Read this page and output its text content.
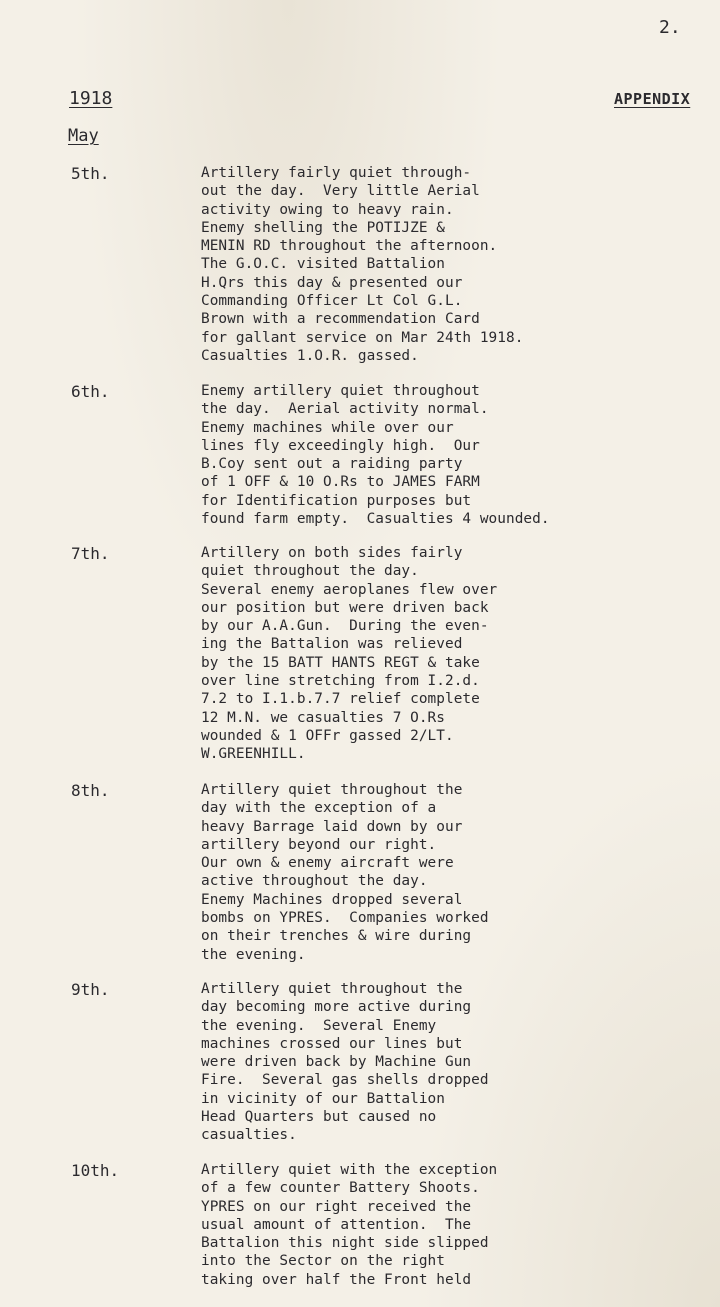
2.
1918	APPENDIX
May
5th.	Artillery fairly quiet through-
out the day.  Very little Aerial
activity owing to heavy rain.
Enemy shelling the POTIJZE &
MENIN RD throughout the afternoon.
The G.O.C. visited Battalion
H.Qrs this day & presented our
Commanding Officer Lt Col G.L.
Brown with a recommendation Card
for gallant service on Mar 24th 1918.
Casualties 1.O.R. gassed.
6th.	Enemy artillery quiet throughout
the day.  Aerial activity normal.
Enemy machines while over our
lines fly exceedingly high.  Our
B.Coy sent out a raiding party
of 1 OFF & 10 O.Rs to JAMES FARM
for Identification purposes but
found farm empty.  Casualties 4 wounded.
7th.	Artillery on both sides fairly
quiet throughout the day.
Several enemy aeroplanes flew over
our position but were driven back
by our A.A.Gun.  During the even-
ing the Battalion was relieved
by the 15 BATT HANTS REGT & take
over line stretching from I.2.d.
7.2 to I.1.b.7.7 relief complete
12 M.N. we casualties 7 O.Rs
wounded & 1 OFFr gassed 2/LT.
W.GREENHILL.
8th.	Artillery quiet throughout the
day with the exception of a
heavy Barrage laid down by our
artillery beyond our right.
Our own & enemy aircraft were
active throughout the day.
Enemy Machines dropped several
bombs on YPRES.  Companies worked
on their trenches & wire during
the evening.
9th.	Artillery quiet throughout the
day becoming more active during
the evening.  Several Enemy
machines crossed our lines but
were driven back by Machine Gun
Fire.  Several gas shells dropped
in vicinity of our Battalion
Head Quarters but caused no
casualties.
10th.	Artillery quiet with the exception
of a few counter Battery Shoots.
YPRES on our right received the
usual amount of attention.  The
Battalion this night side slipped
into the Sector on the right
taking over half the Front held
